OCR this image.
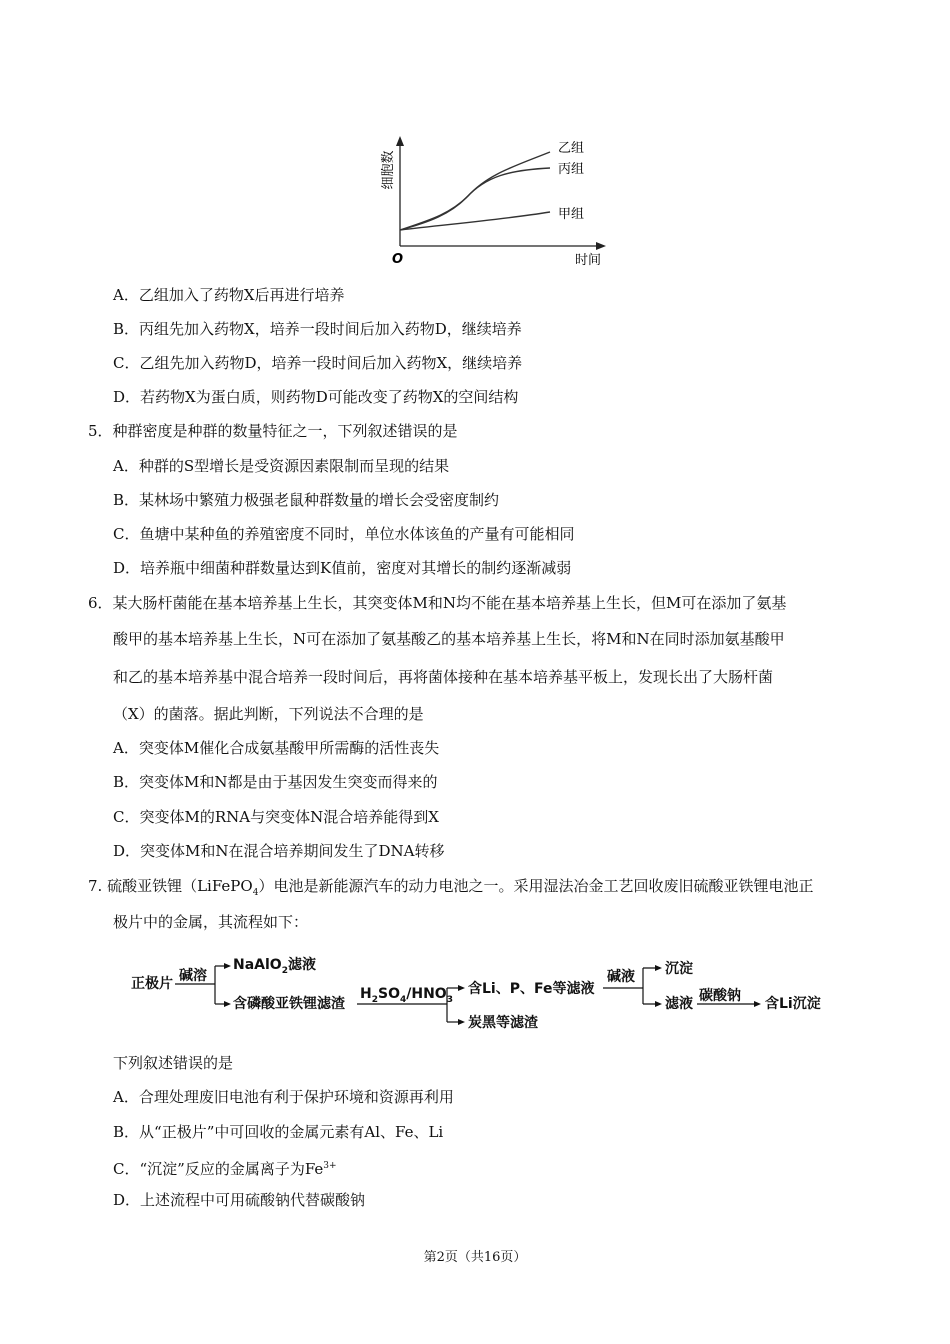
细胞数
乙组
丙组
甲组
O	时间
A．乙组加入了药物X后再进行培养
B．丙组先加入药物X，培养一段时间后加入药物D，继续培养
C．乙组先加入药物D，培养一段时间后加入药物X，继续培养
D．若药物X为蛋白质，则药物D可能改变了药物X的空间结构
5．种群密度是种群的数量特征之一，下列叙述错误的是
A．种群的S型增长是受资源因素限制而呈现的结果
B．某林场中繁殖力极强老鼠种群数量的增长会受密度制约
C．鱼塘中某种鱼的养殖密度不同时，单位水体该鱼的产量有可能相同
D．培养瓶中细菌种群数量达到K值前，密度对其增长的制约逐渐减弱
6．某大肠杆菌能在基本培养基上生长，其突变体M和N均不能在基本培养基上生长，但M可在添加了氨基
酸甲的基本培养基上生长，N可在添加了氨基酸乙的基本培养基上生长，将M和N在同时添加氨基酸甲
和乙的基本培养基中混合培养一段时间后，再将菌体接种在基本培养基平板上，发现长出了大肠杆菌
（X）的菌落。据此判断，下列说法不合理的是
A．突变体M催化合成氨基酸甲所需酶的活性丧失
B．突变体M和N都是由于基因发生突变而得来的
C．突变体M的RNA与突变体N混合培养能得到X
D．突变体M和N在混合培养期间发生了DNA转移
7. 硫酸亚铁锂（LiFePO$_4$）电池是新能源汽车的动力电池之一。采用湿法冶金工艺回收废旧硫酸亚铁锂电池正
极片中的金属，其流程如下：
正极片 碱溶
NaAlO$_2$滤液
含磷酸亚铁锂滤渣
$H_2SO_4/HNO_3$
含Li、P、Fe等滤液
炭黑等滤渣
碱液 沉淀
滤液 碳酸钠 含Li沉淀
下列叙述错误的是
A．合理处理废旧电池有利于保护环境和资源再利用
B．从“正极片”中可回收的金属元素有Al、Fe、Li
C．“沉淀”反应的金属离子为$Fe^{3+}$
D．上述流程中可用硫酸钠代替碳酸钠
第2页（共16页）
